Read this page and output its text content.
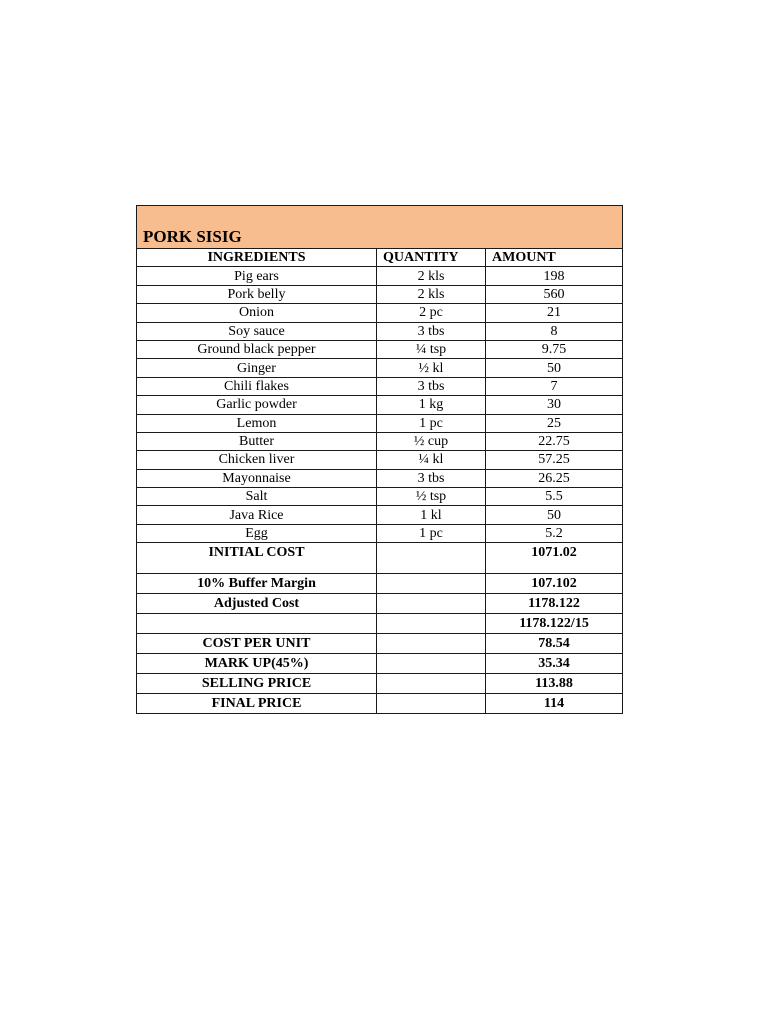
PORK SISIG		
INGREDIENTS	QUANTITY	AMOUNT
Pig ears	2 kls	198
Pork belly	2 kls	560
Onion	2 pc	21
Soy sauce	3 tbs	8
Ground black pepper	¼ tsp	9.75
Ginger	½ kl	50
Chili flakes	3 tbs	7
Garlic powder	1 kg	30
Lemon	1 pc	25
Butter	½ cup	22.75
Chicken liver	¼ kl	57.25
Mayonnaise	3 tbs	26.25
Salt	½ tsp	5.5
Java Rice	1 kl	50
Egg	1 pc	5.2
INITIAL COST		1071.02
10% Buffer Margin		107.102
Adjusted Cost		1178.122
		1178.122/15
COST PER UNIT		78.54
MARK UP(45%)		35.34
SELLING PRICE		113.88
FINAL PRICE		114
